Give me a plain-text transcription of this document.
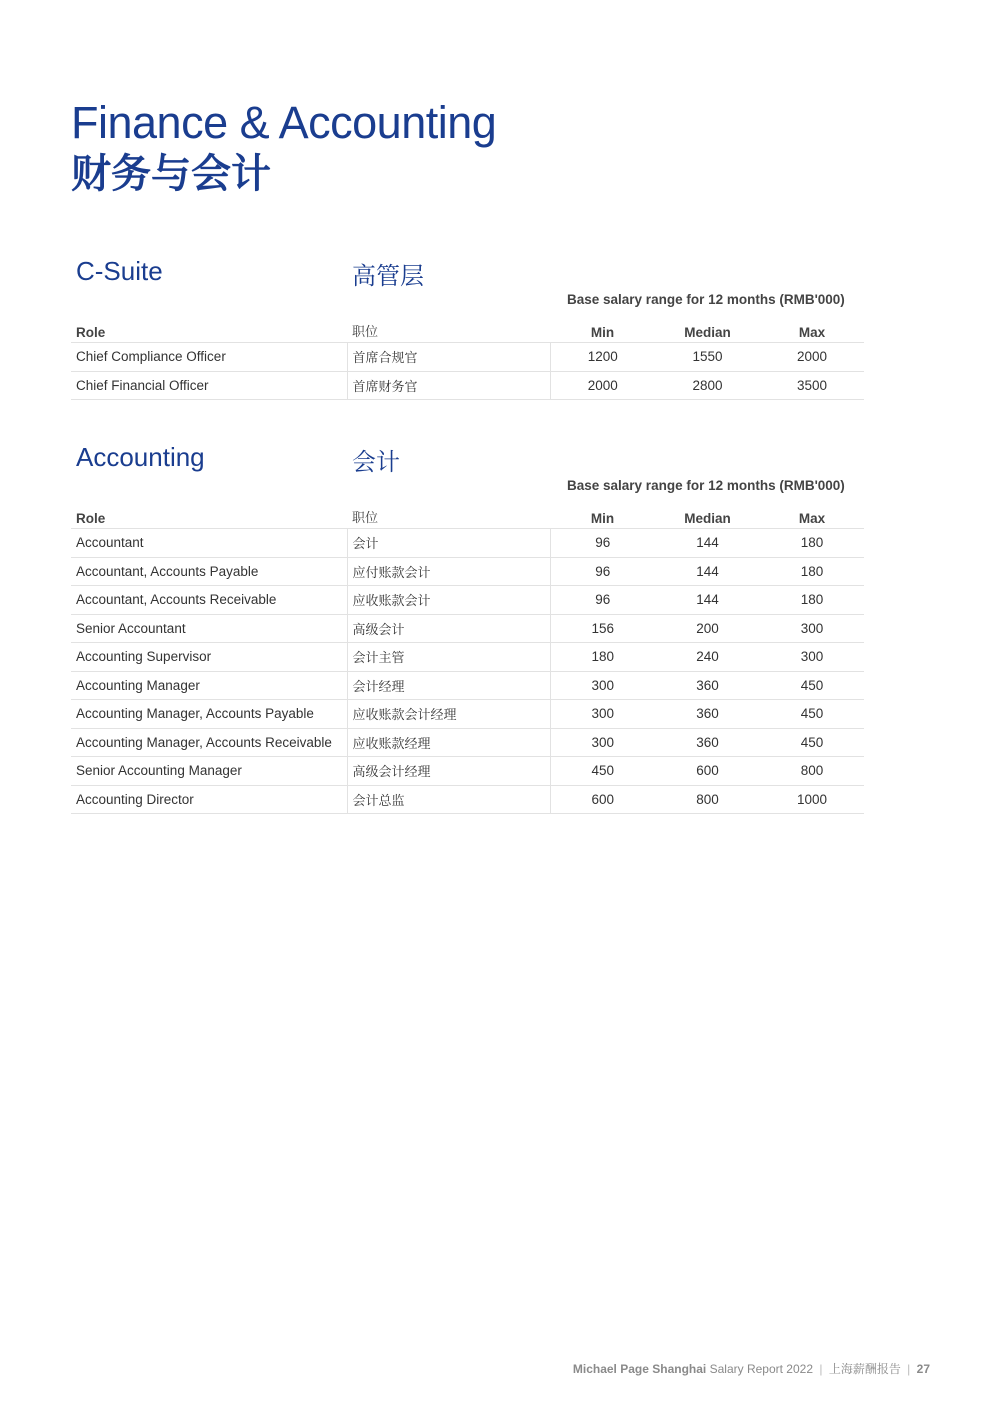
Finance & Accounting
财务与会计
C-Suite	高管层
Base salary range for 12 months (RMB'000)
Role	职位	Min	Median	Max
Chief Compliance Officer	首席合规官	1200	1550	2000
Chief Financial Officer	首席财务官	2000	2800	3500
Accounting	会计
Base salary range for 12 months (RMB'000)
Role	职位	Min	Median	Max
Accountant	会计	96	144	180
Accountant, Accounts Payable	应付账款会计	96	144	180
Accountant, Accounts Receivable	应收账款会计	96	144	180
Senior Accountant	高级会计	156	200	300
Accounting Supervisor	会计主管	180	240	300
Accounting Manager	会计经理	300	360	450
Accounting Manager, Accounts Payable	应收账款会计经理	300	360	450
Accounting Manager, Accounts Receivable	应收账款经理	300	360	450
Senior Accounting Manager	高级会计经理	450	600	800
Accounting Director	会计总监	600	800	1000
Michael Page Shanghai Salary Report 2022 | 上海薪酬报告 | 27
